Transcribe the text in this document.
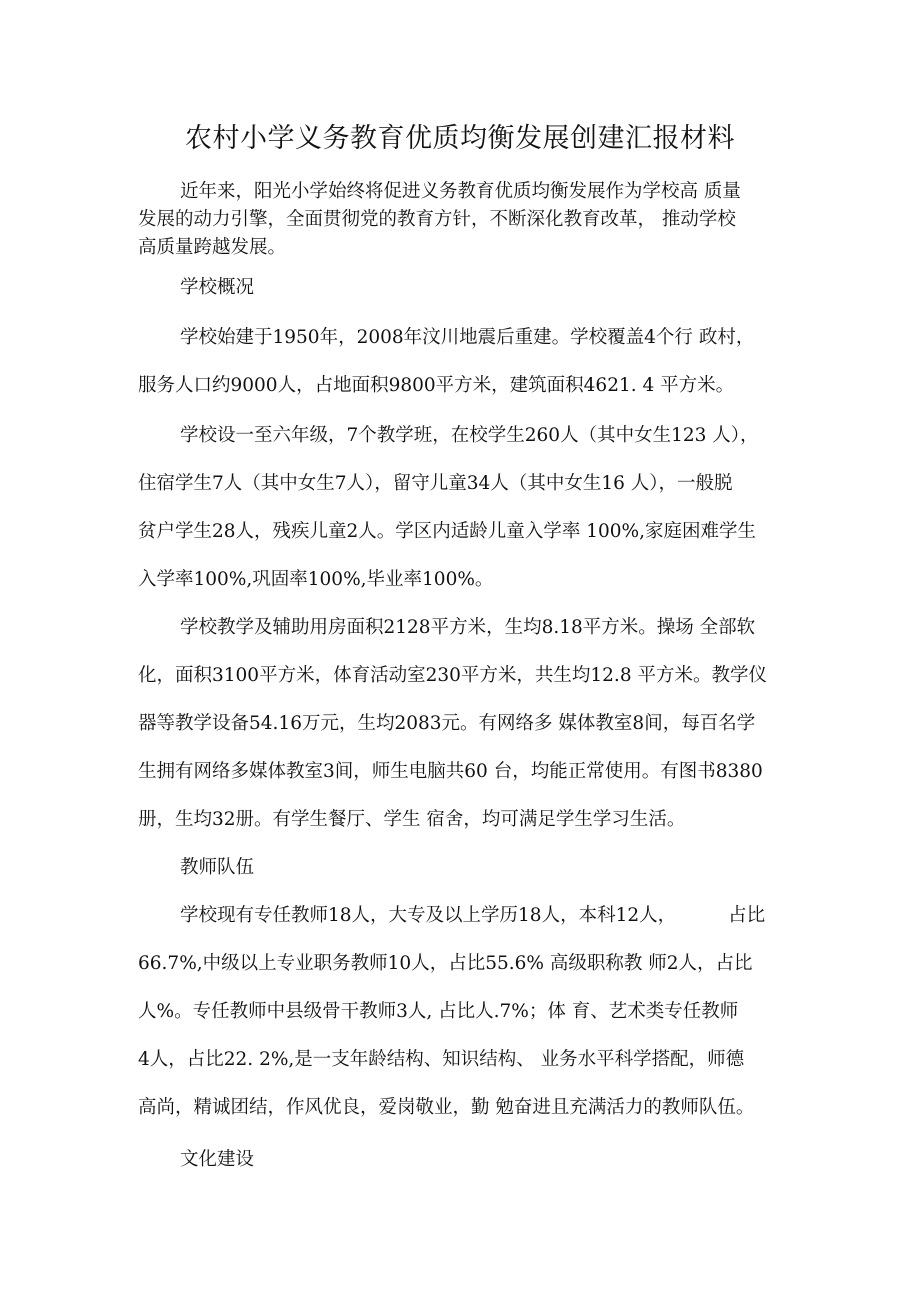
农村小学义务教育优质均衡发展创建汇报材料
近年来，阳光小学始终将促进义务教育优质均衡发展作为学校高 质量
发展的动力引擎，全面贯彻党的教育方针，不断深化教育改革， 推动学校
高质量跨越发展。
学校概况
学校始建于1950年，2008年汶川地震后重建。学校覆盖4个行 政村，
服务人口约9000人，占地面积9800平方米，建筑面积4621. 4 平方米。
学校设一至六年级，7个教学班，在校学生260人（其中女生123 人），
住宿学生7人（其中女生7人），留守儿童34人（其中女生16 人），一般脱
贫户学生28人，残疾儿童2人。学区内适龄儿童入学率 100%,家庭困难学生
入学率100%,巩固率100%,毕业率100%。
学校教学及辅助用房面积2128平方米，生均8.18平方米。操场 全部软
化，面积3100平方米，体育活动室230平方米，共生均12.8 平方米。教学仪
器等教学设备54.16万元，生均2083元。有网络多 媒体教室8间，每百名学
生拥有网络多媒体教室3间，师生电脑共60 台，均能正常使用。有图书8380
册，生均32册。有学生餐厅、学生 宿舍，均可满足学生学习生活。
教师队伍
学校现有专任教师18人，大专及以上学历18人，本科12人，	占比
66.7%,中级以上专业职务教师10人，占比55.6% 高级职称教 师2人，占比
人%。专任教师中县级骨干教师3人, 占比人.7%；体 育、艺术类专任教师
4人，占比22. 2%,是一支年龄结构、知识结构、 业务水平科学搭配，师德
高尚，精诚团结，作风优良，爱岗敬业，勤 勉奋进且充满活力的教师队伍。
文化建设
